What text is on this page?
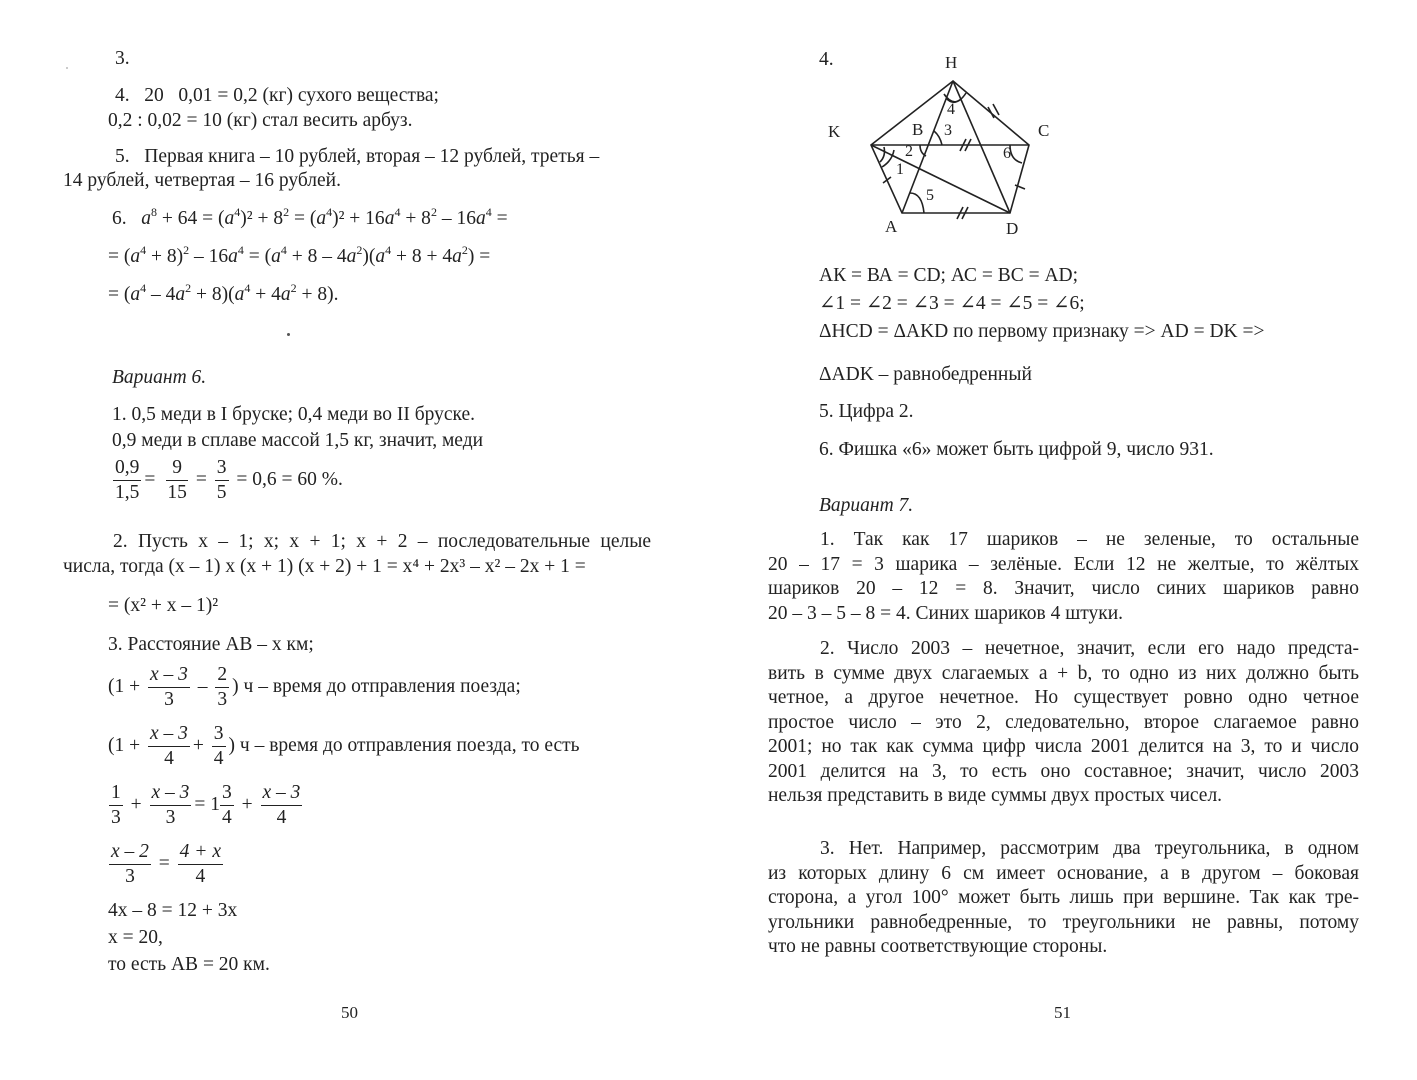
3.
4.   20   0,01 = 0,2 (кг) сухого вещества;
0,2 : 0,02 = 10 (кг) стал весить арбуз.
5.   Первая книга – 10 рублей, вторая – 12 рублей, третья –
14 рублей, четвертая – 16 рублей.
6. $a^8 + 64 = (a^4)^2 + 8^2 = (a^4)^2 + 16a^4 + 8^2 - 16a^4$ =
= $(a^4 + 8)^2 - 16a^4 = (a^4 + 8 - 4a^2)(a^4 + 8 + 4a^2)$ =
= $(a^4 - 4a^2 + 8)(a^4 + 4a^2 + 8)$.
Вариант 6.
1. 0,5 меди в I бруске; 0,4 меди во II бруске.
0,9 меди в сплаве массой 1,5 кг, значит, меди
$\frac{0,9}{1,5} = \frac{9}{15} = \frac{3}{5} = 0,6 = 60$ %.
2. Пусть x – 1; x; x + 1; x + 2 – последовательные целые
числа, тогда (x – 1) x (x + 1) (x + 2) + 1 = x⁴ + 2x³ – x² – 2x + 1 =
= (x² + x – 1)²
3. Расстояние АВ – x км;
($1 + \frac{x - 3}{3} - \frac{2}{3}$ ) ч – время до отправления поезда;
($1 + \frac{x - 3}{4} + \frac{3}{4}$ ) ч – время до отправления поезда, то есть
$\frac{1}{3} + \frac{x - 3}{3} = 1 \frac{3}{4} + \frac{x - 3}{4}$
$\frac{x - 2}{3} = \frac{4 + x}{4}$
4x – 8 = 12 + 3x
x = 20,
то есть АВ = 20 км.
50
4.	H
K	B	C
A	D
1
2
3
4
5
6
АК = ВА = CD; АС = ВС = AD;
∠1 = ∠2 = ∠3 = ∠4 = ∠5 = ∠6;
ΔHCD = ΔAKD по первому признаку => AD = DK =>
ΔADK – равнобедренный
5. Цифра 2.
6. Фишка «6» может быть цифрой 9, число 931.
Вариант 7.
1. Так как 17 шариков – не зеленые, то остальные
20 – 17 = 3 шарика – зелёные. Если 12 не желтые, то жёлтых
шариков 20 – 12 = 8. Значит, число синих шариков равно
20 – 3 – 5 – 8 = 4. Синих шариков 4 штуки.
2. Число 2003 – нечетное, значит, если его надо предста-
вить в сумме двух слагаемых a + b, то одно из них должно быть
четное, а другое нечетное. Но существует ровно одно четное
простое число – это 2, следовательно, второе слагаемое равно
2001; но так как сумма цифр числа 2001 делится на 3, то и число
2001 делится на 3, то есть оно составное; значит, число 2003
нельзя представить в виде суммы двух простых чисел.
3. Нет. Например, рассмотрим два треугольника, в одном
из которых длину 6 см имеет основание, а в другом – боковая
сторона, а угол 100° может быть лишь при вершине. Так как тре-
угольники равнобедренные, то треугольники не равны, потому
что не равны соответствующие стороны.
51
